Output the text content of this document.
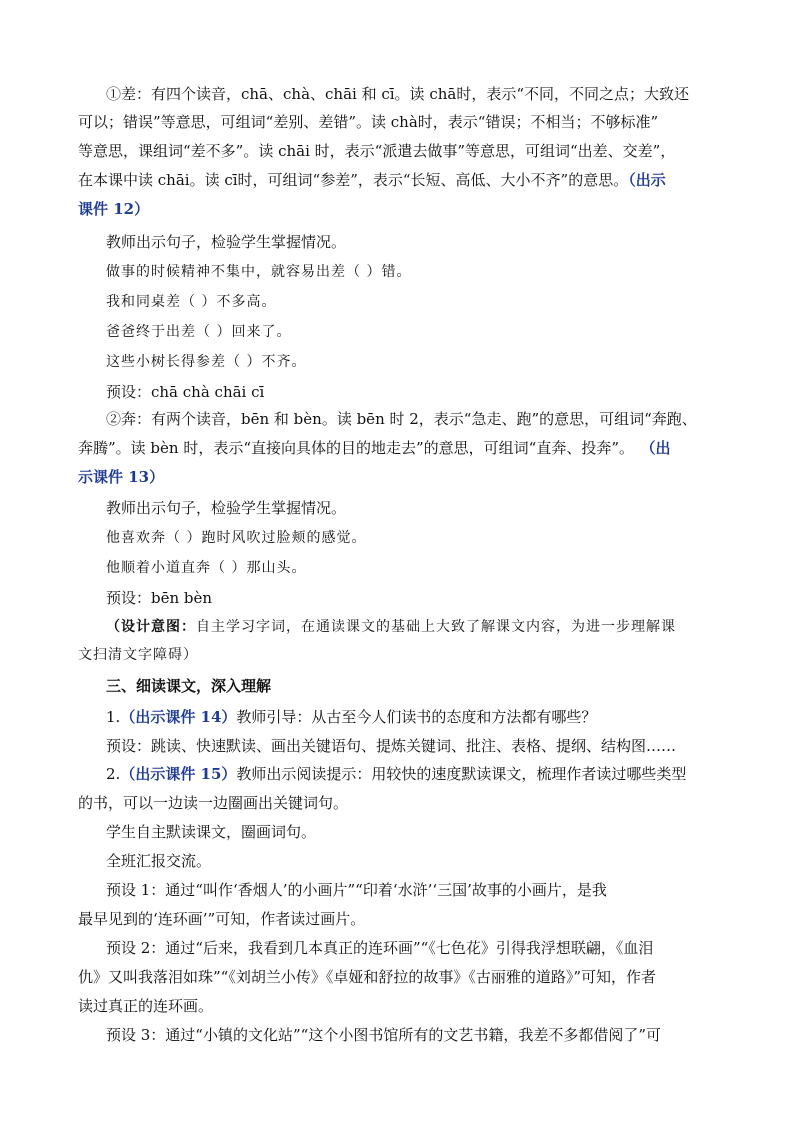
①差：有四个读音，chā、chà、chāi 和 cī。读 chā时，表示“不同，不同之点；大致还
可以；错误”等意思，可组词“差别、差错”。读 chà时，表示“错误；不相当；不够标准”
等意思，课组词“差不多”。读 chāi 时，表示“派遣去做事”等意思，可组词“出差、交差”，
在本课中读 chāi。读 cī时，可组词“参差”，表示“长短、高低、大小不齐”的意思。（出示
课件 12）
教师出示句子，检验学生掌握情况。
做事的时候精神不集中，就容易出差（ ）错。
我和同桌差（ ）不多高。
爸爸终于出差（ ）回来了。
这些小树长得参差（ ）不齐。
预设：chā chà chāi cī
②奔：有两个读音，bēn 和 bèn。读 bēn 时 2，表示“急走、跑”的意思，可组词“奔跑、
奔腾”。读 bèn 时，表示“直接向具体的目的地走去”的意思，可组词“直奔、投奔”。 （出
示课件 13）
教师出示句子，检验学生掌握情况。
他喜欢奔（ ）跑时风吹过脸颊的感觉。
他顺着小道直奔（ ）那山头。
预设：bēn bèn
（设计意图：自主学习字词，在通读课文的基础上大致了解课文内容，为进一步理解课
文扫清文字障碍）
三、细读课文，深入理解
1.（出示课件 14）教师引导：从古至今人们读书的态度和方法都有哪些？
预设：跳读、快速默读、画出关键语句、提炼关键词、批注、表格、提纲、结构图……
2.（出示课件 15）教师出示阅读提示：用较快的速度默读课文，梳理作者读过哪些类型
的书，可以一边读一边圈画出关键词句。
学生自主默读课文，圈画词句。
全班汇报交流。
预设 1：通过“叫作‘香烟人’的小画片”“印着‘水浒’‘三国’故事的小画片，是我
最早见到的‘连环画’”可知，作者读过画片。
预设 2：通过“后来，我看到几本真正的连环画”“《七色花》引得我浮想联翩，《血泪
仇》又叫我落泪如珠”“《刘胡兰小传》《卓娅和舒拉的故事》《古丽雅的道路》”可知，作者
读过真正的连环画。
预设 3：通过“小镇的文化站”“这个小图书馆所有的文艺书籍，我差不多都借阅了”可
